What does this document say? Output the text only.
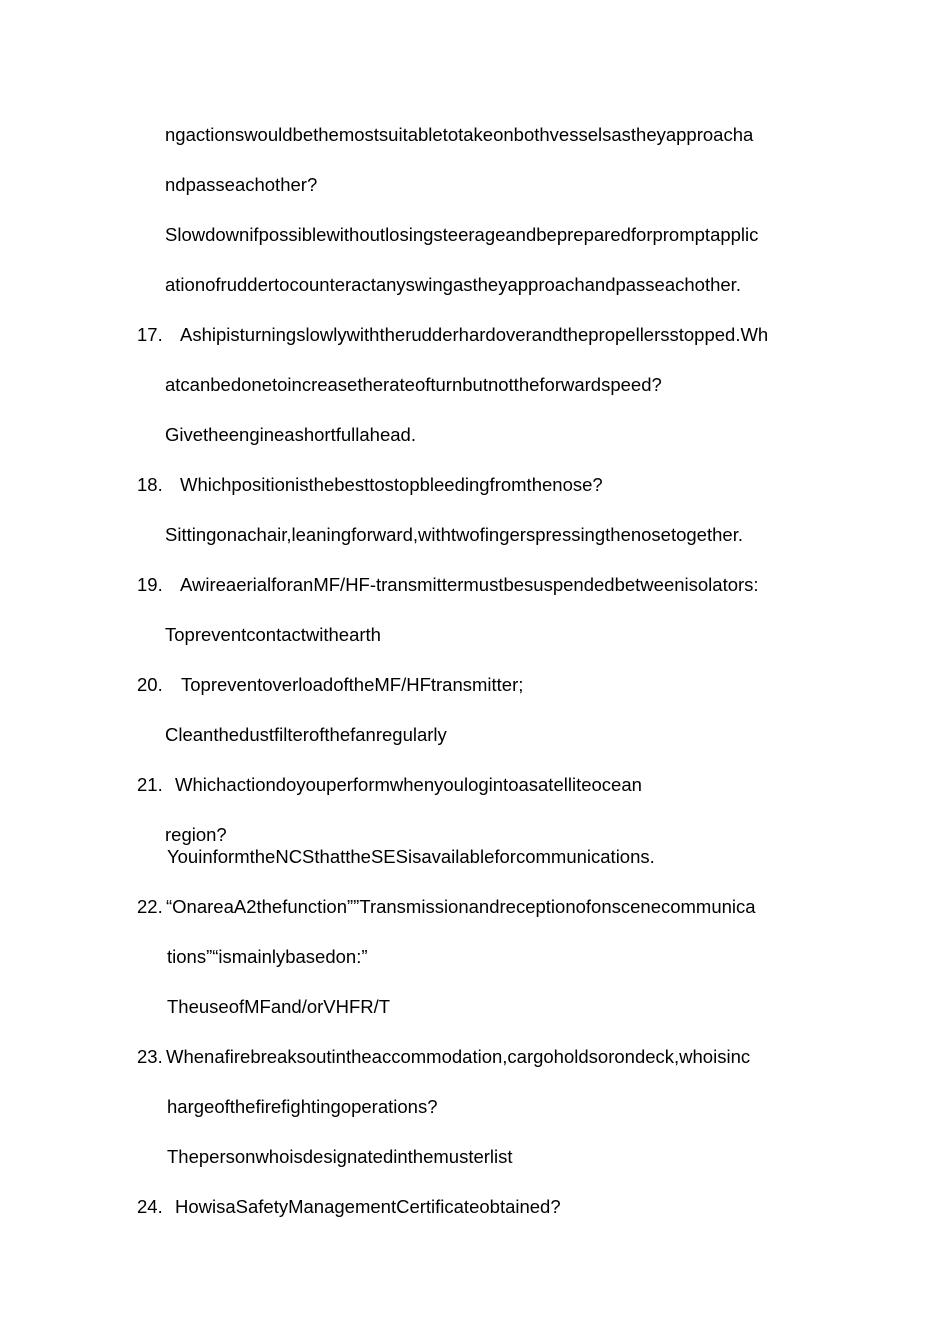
ngactionswouldbethemostsuitabletotakeonbothvesselsastheyapproacha
ndpasseachother?
Slowdownifpossiblewithoutlosingsteerageandbepreparedforpromptapplic
ationofruddertocounteractanyswingastheyapproachandpasseachother.
17. Ashipisturningslowlywiththerudderhardoverandthepropellersstopped.Wh
atcanbedonetoincreasetherateofturnbutnottheforwardspeed?
Givetheengineashortfullahead.
18. Whichpositionisthebesttostopbleedingfromthenose?
Sittingonachair,leaningforward,withtwofingerspressingthenosetogether.
19. AwireaerialforanMF/HF-transmittermustbesuspendedbetweenisolators:
Topreventcontactwithearth
20. TopreventoverloadoftheMF/HFtransmitter;
Cleanthedustfilterofthefanregularly
21. Whichactiondoyouperformwhenyoulogintoasatelliteocean
region?
YouinformtheNCSthattheSESisavailableforcommunications.
22. “OnareaA2thefunction””Transmissionandreceptionofonscenecommunica
tions”“ismainlybasedon:”
TheuseofMFand/orVHFR/T
23. Whenafirebreaksoutintheaccommodation,cargoholdsorondeck,whoisinc
hargeofthefirefightingoperations?
Thepersonwhoisdesignatedinthemusterlist
24. HowisaSafetyManagementCertificateobtained?
